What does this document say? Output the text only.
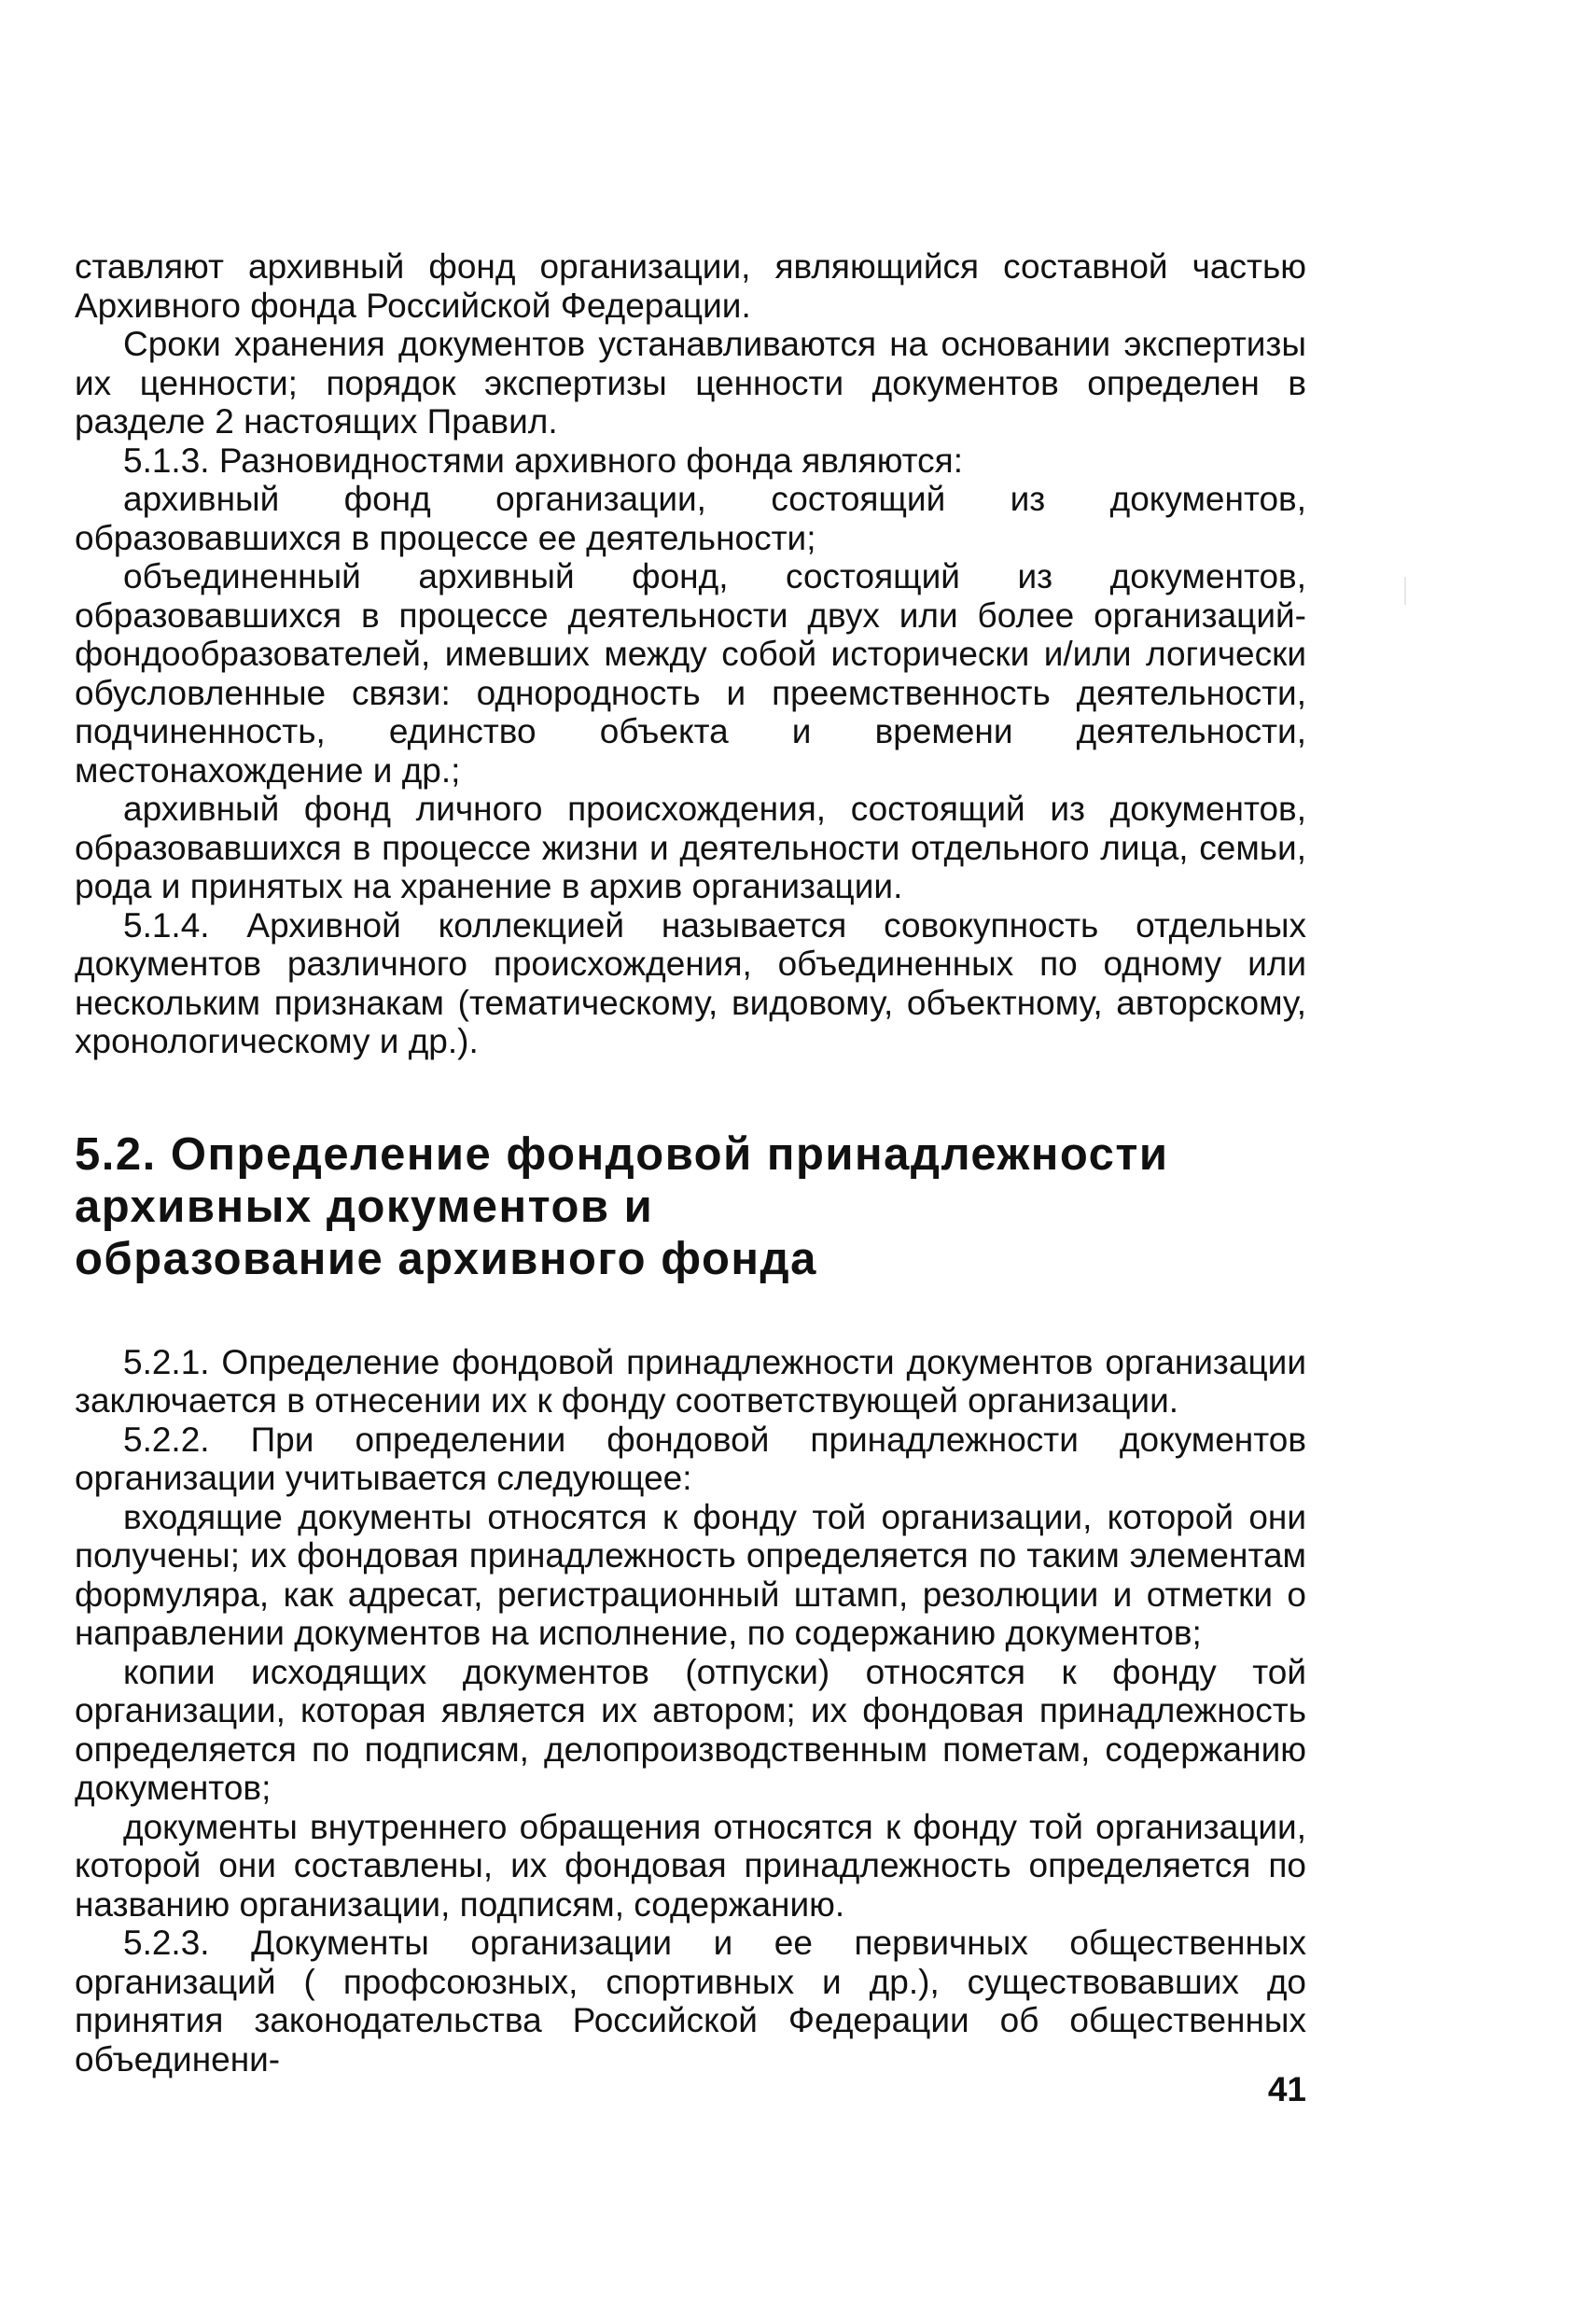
ставляют архивный фонд организации, являющийся составной частью Архивного фонда Российской Федерации.

Сроки хранения документов устанавливаются на основании экспертизы их ценности; порядок экспертизы ценности документов определен в разделе 2 настоящих Правил.

5.1.3. Разновидностями архивного фонда являются:

архивный фонд организации, состоящий из документов, образовавшихся в процессе ее деятельности;

объединенный архивный фонд, состоящий из документов, образовавшихся в процессе деятельности двух или более организаций-фондообразователей, имевших между собой исторически и/или логически обусловленные связи: однородность и преемственность деятельности, подчиненность, единство объекта и времени деятельности, местонахождение и др.;

архивный фонд личного происхождения, состоящий из документов, образовавшихся в процессе жизни и деятельности отдельного лица, семьи, рода и принятых на хранение в архив организации.

5.1.4. Архивной коллекцией называется совокупность отдельных документов различного происхождения, объединенных по одному или нескольким признакам (тематическому, видовому, объектному, авторскому, хронологическому и др.).

5.2. Определение фондовой принадлежности
архивных документов и
образование архивного фонда

5.2.1. Определение фондовой принадлежности документов организации заключается в отнесении их к фонду соответствующей организации.

5.2.2. При определении фондовой принадлежности документов организации учитывается следующее:

входящие документы относятся к фонду той организации, которой они получены; их фондовая принадлежность определяется по таким элементам формуляра, как адресат, регистрационный штамп, резолюции и отметки о направлении документов на исполнение, по содержанию документов;

копии исходящих документов (отпуски) относятся к фонду той организации, которая является их автором; их фондовая принадлежность определяется по подписям, делопроизводственным пометам, содержанию документов;

документы внутреннего обращения относятся к фонду той организации, которой они составлены, их фондовая принадлежность определяется по названию организации, подписям, содержанию.

5.2.3. Документы организации и ее первичных общественных организаций ( профсоюзных, спортивных и др.), существовавших до принятия законодательства Российской Федерации об общественных объединени-

41
